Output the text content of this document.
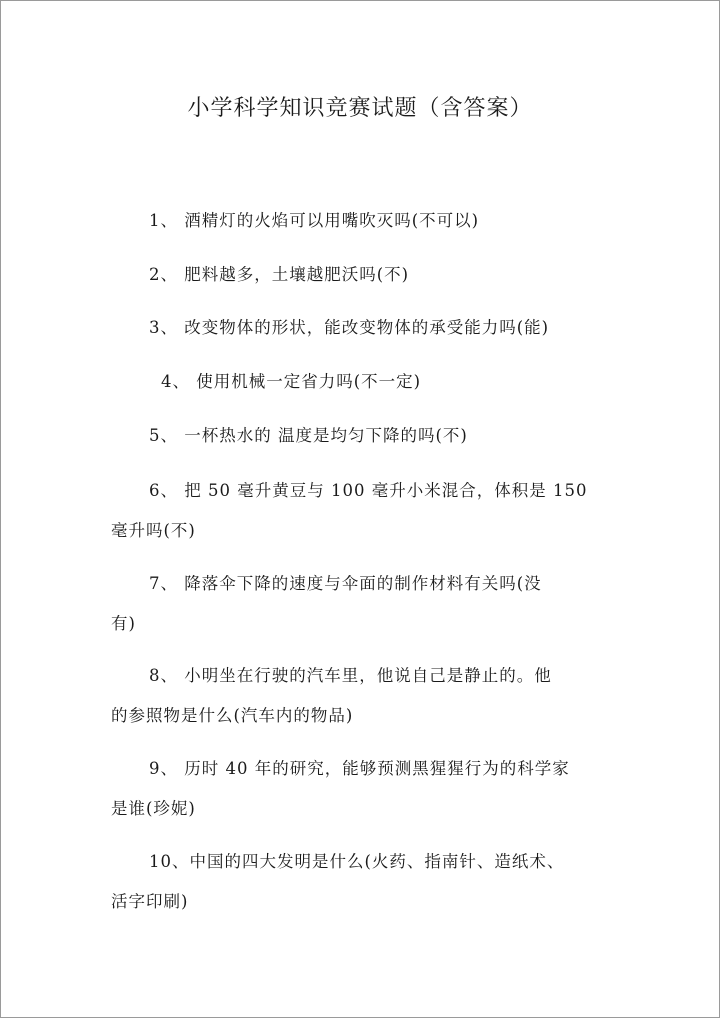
小学科学知识竞赛试题（含答案）
1、 酒精灯的火焰可以用嘴吹灭吗(不可以)
2、 肥料越多，土壤越肥沃吗(不)
3、 改变物体的形状，能改变物体的承受能力吗(能)
4、 使用机械一定省力吗(不一定)
5、 一杯热水的 温度是均匀下降的吗(不)
6、 把 50 毫升黄豆与 100 毫升小米混合，体积是 150
毫升吗(不)
7、 降落伞下降的速度与伞面的制作材料有关吗(没
有)
8、 小明坐在行驶的汽车里，他说自己是静止的。他
的参照物是什么(汽车内的物品)
9、 历时 40 年的研究，能够预测黑猩猩行为的科学家
是谁(珍妮)
10、中国的四大发明是什么(火药、指南针、造纸术、
活字印刷)
